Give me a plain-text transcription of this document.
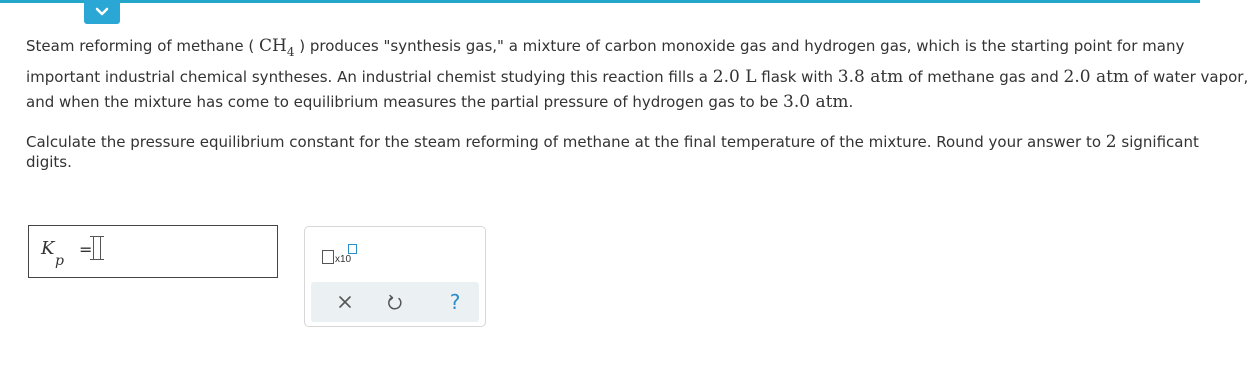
Steam reforming of methane ( $CH_4$ ) produces "synthesis gas," a mixture of carbon monoxide gas and hydrogen gas, which is the starting point for many
important industrial chemical syntheses. An industrial chemist studying this reaction fills a 2.0 L flask with 3.8 atm of methane gas and 2.0 atm of water vapor,
and when the mixture has come to equilibrium measures the partial pressure of hydrogen gas to be 3.0 atm.
Calculate the pressure equilibrium constant for the steam reforming of methane at the final temperature of the mixture. Round your answer to 2 significant
digits.
K
p
=
x10
?
